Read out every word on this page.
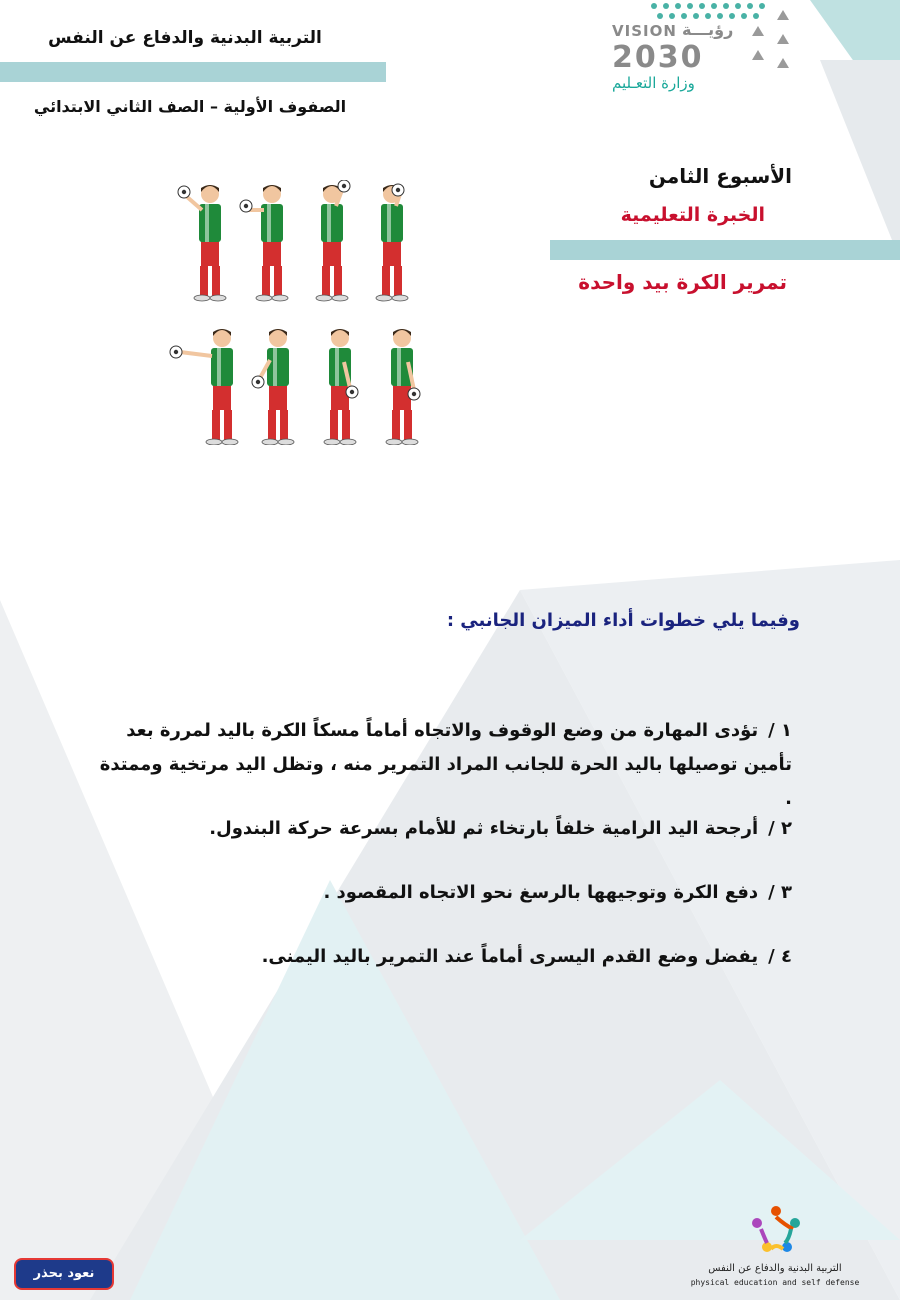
التربية البدنية والدفاع عن النفس
الصفوف الأولية – الصف الثاني الابتدائي
VISION رؤيـــة
2030
وزارة التعـليم
الأسبوع الثامن
الخبرة التعليمية
تمرير الكرة بيد واحدة
وفيما يلي خطوات أداء الميزان الجانبي :
١ /تؤدى المهارة من وضع الوقوف والاتجاه أماماً مسكاً الكرة باليد لمررة بعد تأمين توصيلها باليد الحرة للجانب المراد التمرير منه ، وتظل اليد مرتخية وممتدة .
٢ /أرجحة اليد الرامية خلفاً بارتخاء ثم للأمام بسرعة حركة البندول.
٣ /دفع الكرة وتوجيهها بالرسغ نحو الاتجاه المقصود .
٤ /يفضل وضع القدم اليسرى أماماً عند التمرير باليد اليمنى.
التربية البدنية والدفاع عن النفس
physical education and self defense
نعود بحذر
